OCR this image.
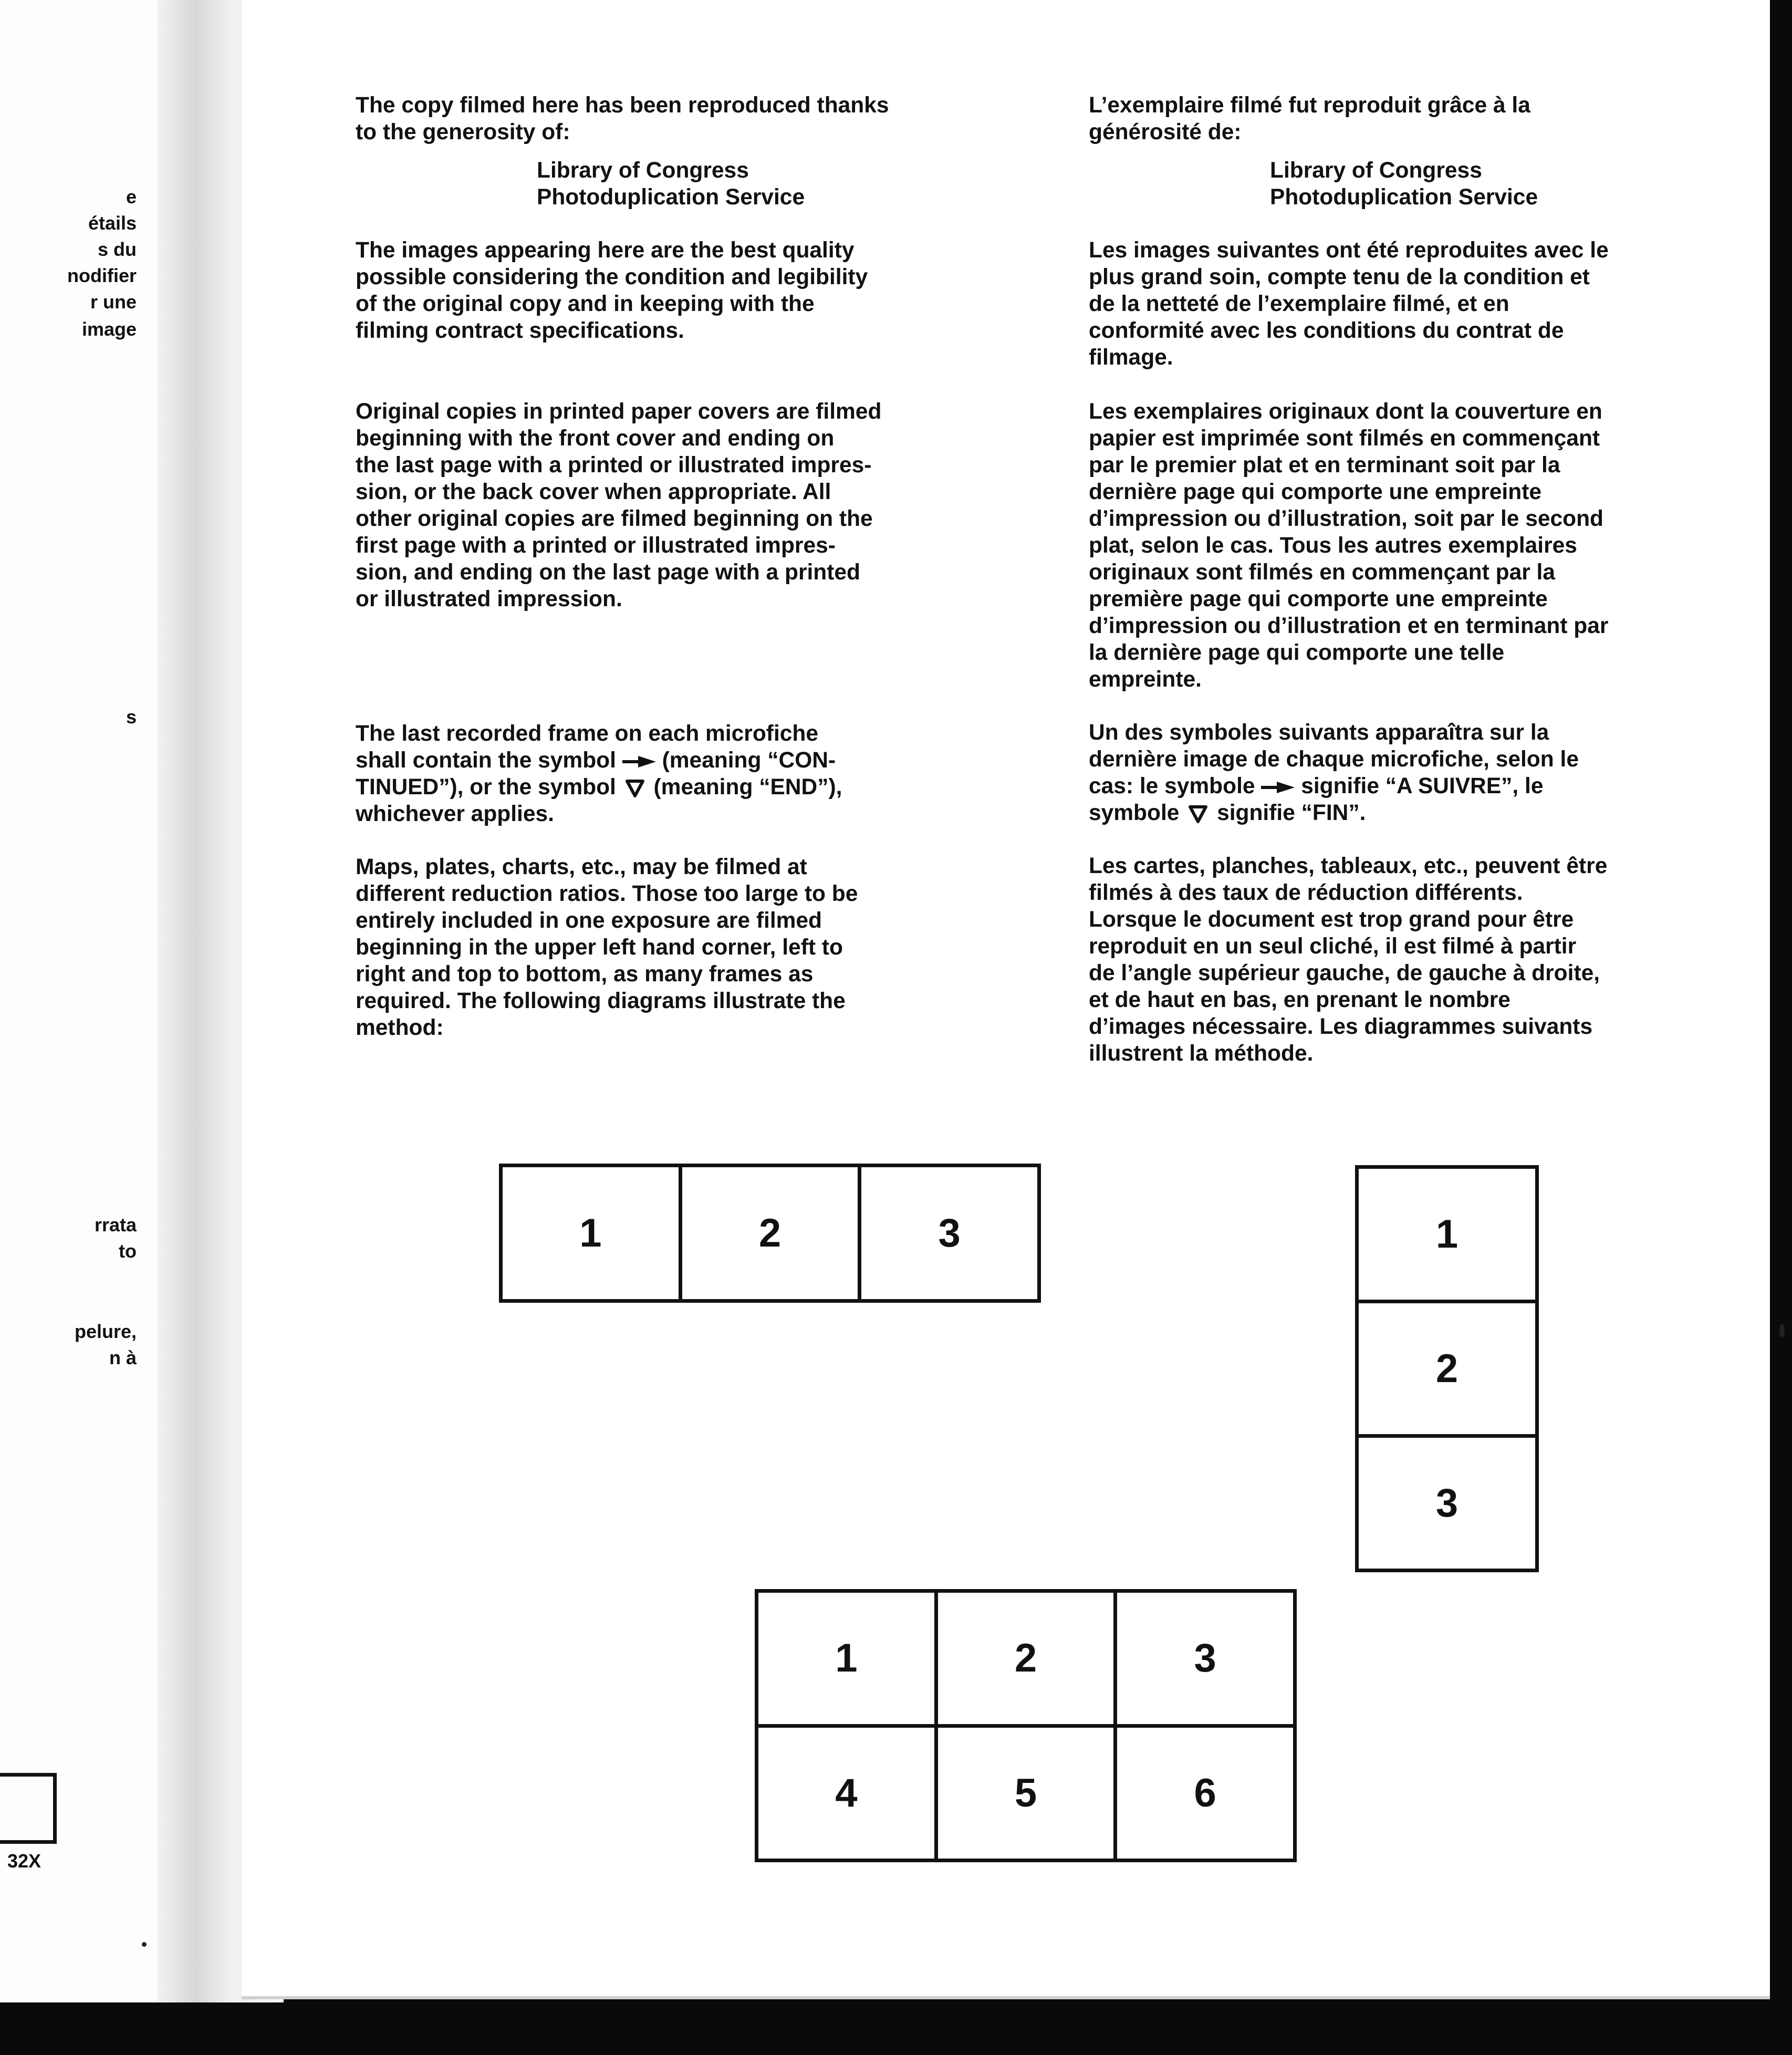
e
étails
s du
nodifier
r une
image
s
rrata
to
pelure,
n à
32X

The copy filmed here has been reproduced thanks
to the generosity of:

Library of Congress
Photoduplication Service

The images appearing here are the best quality
possible considering the condition and legibility
of the original copy and in keeping with the
filming contract specifications.

Original copies in printed paper covers are filmed
beginning with the front cover and ending on
the last page with a printed or illustrated impres-
sion, or the back cover when appropriate. All
other original copies are filmed beginning on the
first page with a printed or illustrated impres-
sion, and ending on the last page with a printed
or illustrated impression.

The last recorded frame on each microfiche
shall contain the symbol (meaning “CON-
TINUED”), or the symbol (meaning “END”),
whichever applies.

Maps, plates, charts, etc., may be filmed at
different reduction ratios. Those too large to be
entirely included in one exposure are filmed
beginning in the upper left hand corner, left to
right and top to bottom, as many frames as
required. The following diagrams illustrate the
method:

L’exemplaire filmé fut reproduit grâce à la
générosité de:

Library of Congress
Photoduplication Service

Les images suivantes ont été reproduites avec le
plus grand soin, compte tenu de la condition et
de la netteté de l’exemplaire filmé, et en
conformité avec les conditions du contrat de
filmage.

Les exemplaires originaux dont la couverture en
papier est imprimée sont filmés en commençant
par le premier plat et en terminant soit par la
dernière page qui comporte une empreinte
d’impression ou d’illustration, soit par le second
plat, selon le cas. Tous les autres exemplaires
originaux sont filmés en commençant par la
première page qui comporte une empreinte
d’impression ou d’illustration et en terminant par
la dernière page qui comporte une telle
empreinte.

Un des symboles suivants apparaîtra sur la
dernière image de chaque microfiche, selon le
cas: le symbole signifie “A SUIVRE”, le
symbole signifie “FIN”.

Les cartes, planches, tableaux, etc., peuvent être
filmés à des taux de réduction différents.
Lorsque le document est trop grand pour être
reproduit en un seul cliché, il est filmé à partir
de l’angle supérieur gauche, de gauche à droite,
et de haut en bas, en prenant le nombre
d’images nécessaire. Les diagrammes suivants
illustrent la méthode.

1	2	3	1
2
3
1	2	3
4	5	6
